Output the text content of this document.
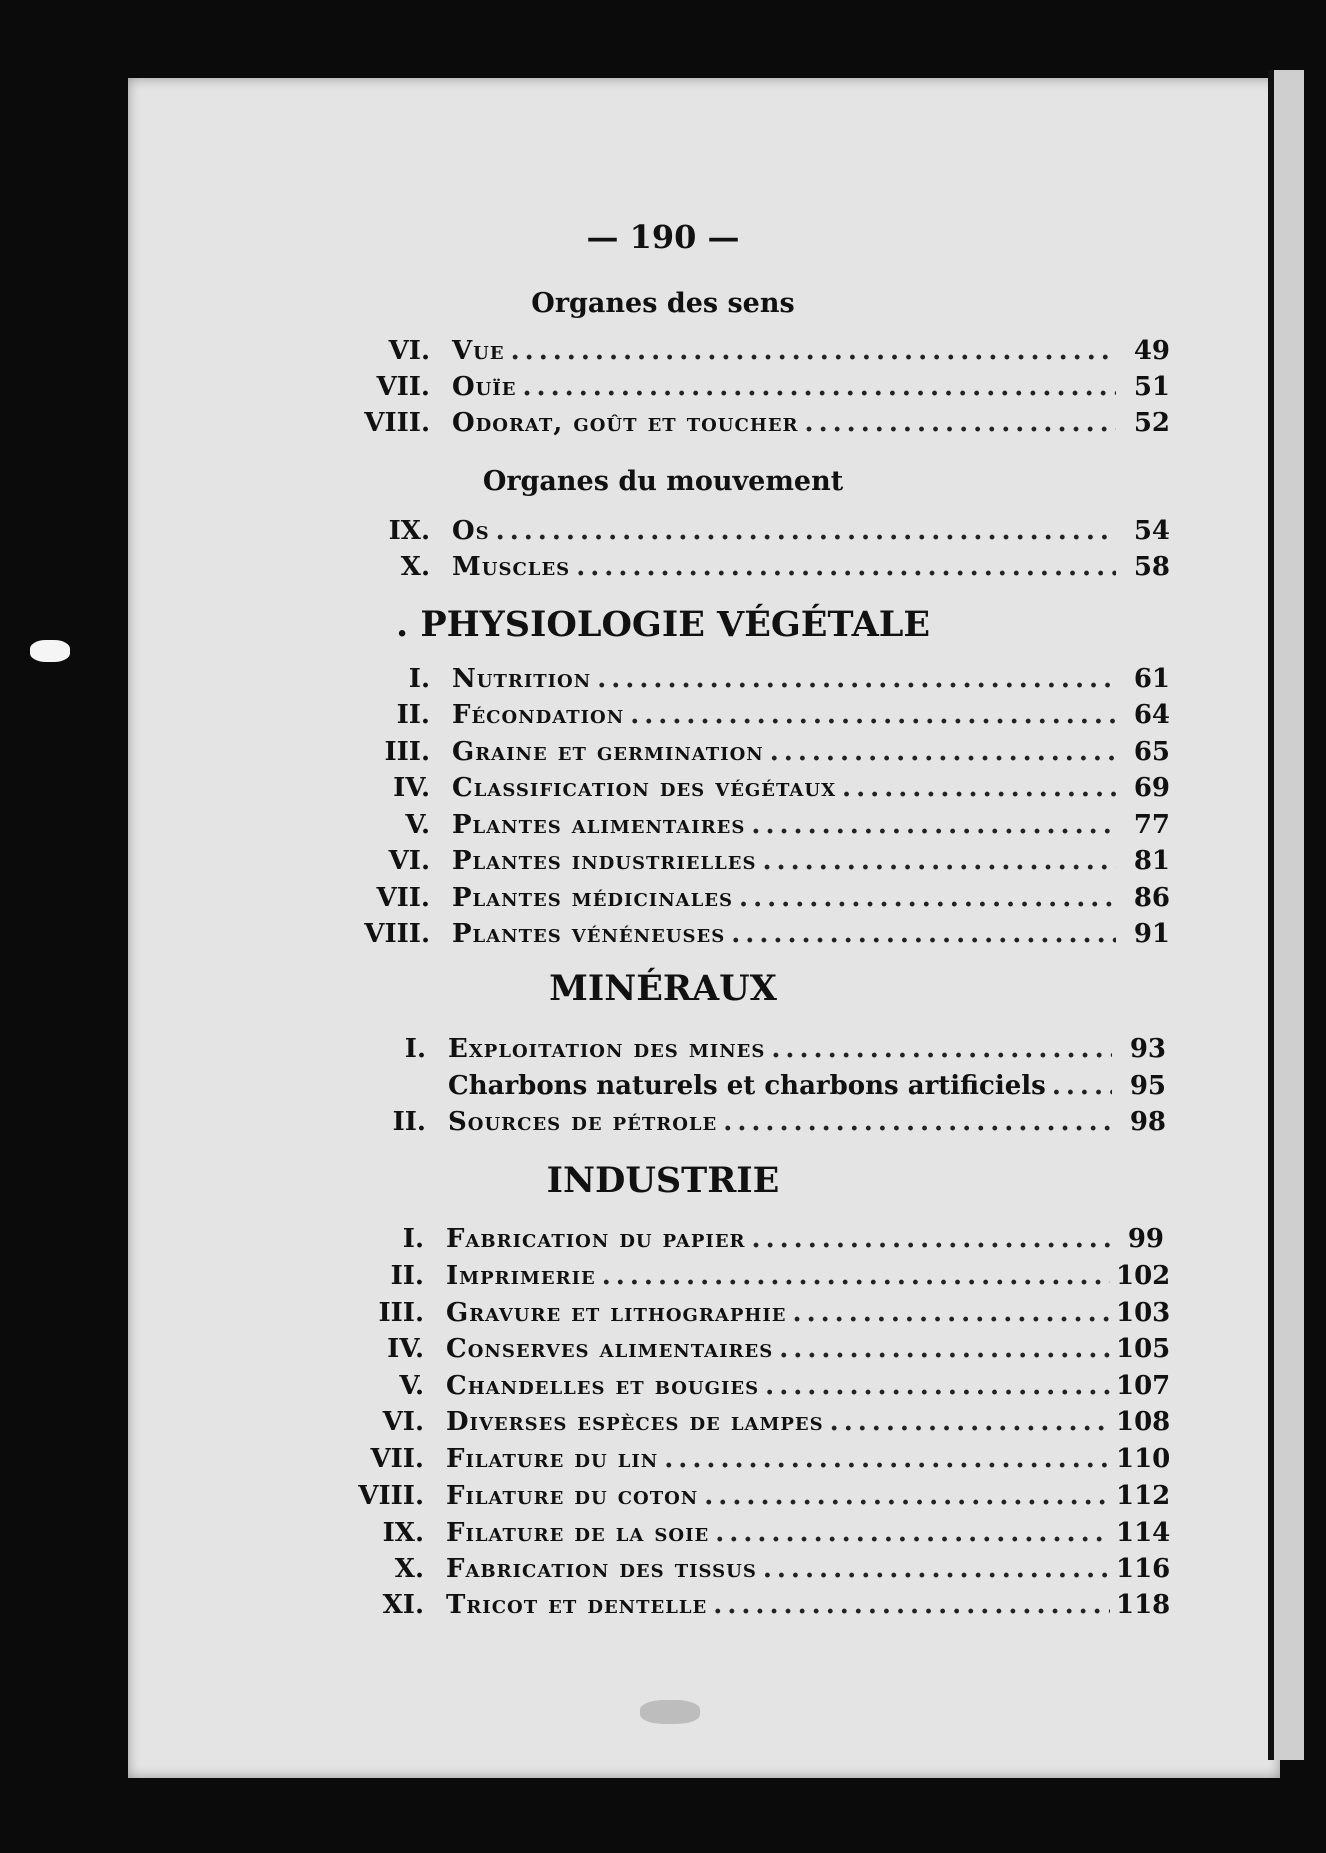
— 190 —
Organes des sens
VI. Vue .....	49
VII. Ouïe .....	51
VIII. Odorat, goût et toucher .....	52
Organes du mouvement
IX. Os .....	54
X. Muscles .....	58
. PHYSIOLOGIE VÉGÉTALE
I. Nutrition .....	61
II. Fécondation .....	64
III. Graine et germination .....	65
IV. Classification des végétaux .....	69
V. Plantes alimentaires .....	77
VI. Plantes industrielles .....	81
VII. Plantes médicinales .....	86
VIII. Plantes vénéneuses .....	91
MINÉRAUX
I. Exploitation des mines .....	93
Charbons naturels et charbons artificiels .....	95
II. Sources de pétrole .....	98
INDUSTRIE
I. Fabrication du papier .....	99
II. Imprimerie .....	102
III. Gravure et lithographie .....	103
IV. Conserves alimentaires .....	105
V. Chandelles et bougies .....	107
VI. Diverses espèces de lampes .....	108
VII. Filature du lin .....	110
VIII. Filature du coton .....	112
IX. Filature de la soie .....	114
X. Fabrication des tissus .....	116
XI. Tricot et dentelle .....	118
